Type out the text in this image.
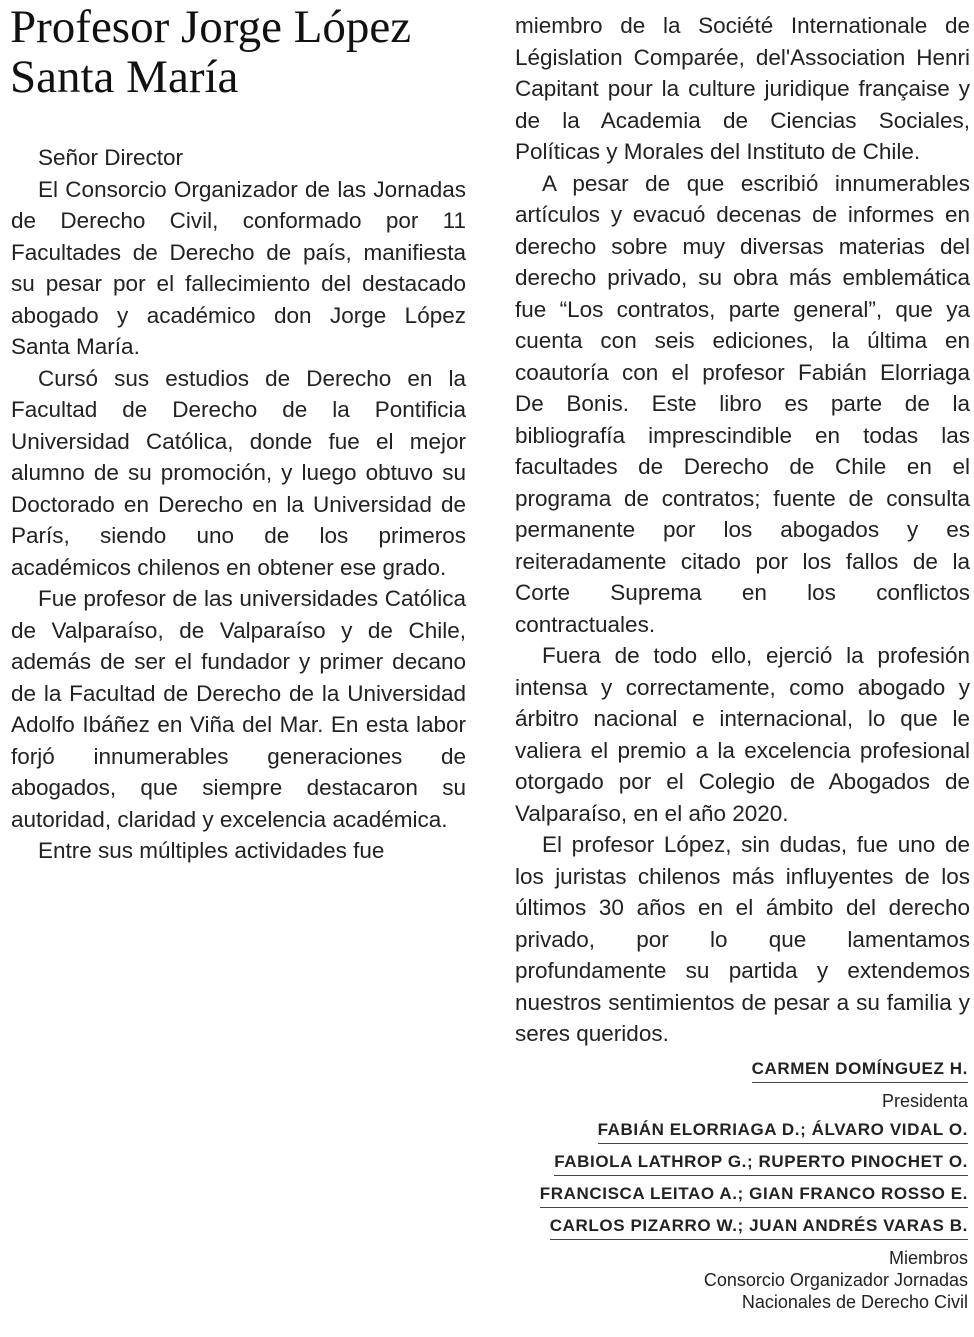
Profesor Jorge López Santa María

Señor Director

El Consorcio Organizador de las Jornadas de Derecho Civil, conformado por 11 Facultades de Derecho de país, manifiesta su pesar por el fallecimiento del destacado abogado y académico don Jorge López Santa María.

Cursó sus estudios de Derecho en la Facultad de Derecho de la Pontificia Universidad Católica, donde fue el mejor alumno de su promoción, y luego obtuvo su Doctorado en Derecho en la Universidad de París, siendo uno de los primeros académicos chilenos en obtener ese grado.

Fue profesor de las universidades Católica de Valparaíso, de Valparaíso y de Chile, además de ser el fundador y primer decano de la Facultad de Derecho de la Universidad Adolfo Ibáñez en Viña del Mar. En esta labor forjó innumerables generaciones de abogados, que siempre destacaron su autoridad, claridad y excelencia académica.

Entre sus múltiples actividades fue

miembro de la Société Internationale de Législation Comparée, del'Association Henri Capitant pour la culture juridique française y de la Academia de Ciencias Sociales, Políticas y Morales del Instituto de Chile.

A pesar de que escribió innumerables artículos y evacuó decenas de informes en derecho sobre muy diversas materias del derecho privado, su obra más emblemática fue “Los contratos, parte general”, que ya cuenta con seis ediciones, la última en coautoría con el profesor Fabián Elorriaga De Bonis. Este libro es parte de la bibliografía imprescindible en todas las facultades de Derecho de Chile en el programa de contratos; fuente de consulta permanente por los abogados y es reiteradamente citado por los fallos de la Corte Suprema en los conflictos contractuales.

Fuera de todo ello, ejerció la profesión intensa y correctamente, como abogado y árbitro nacional e internacional, lo que le valiera el premio a la excelencia profesional otorgado por el Colegio de Abogados de Valparaíso, en el año 2020.

El profesor López, sin dudas, fue uno de los juristas chilenos más influyentes de los últimos 30 años en el ámbito del derecho privado, por lo que lamentamos profundamente su partida y extendemos nuestros sentimientos de pesar a su familia y seres queridos.

CARMEN DOMÍNGUEZ H.
Presidenta
FABIÁN ELORRIAGA D.; ÁLVARO VIDAL O.
FABIOLA LATHROP G.; RUPERTO PINOCHET O.
FRANCISCA LEITAO A.; GIAN FRANCO ROSSO E.
CARLOS PIZARRO W.; JUAN ANDRÉS VARAS B.
Miembros
Consorcio Organizador Jornadas
Nacionales de Derecho Civil
